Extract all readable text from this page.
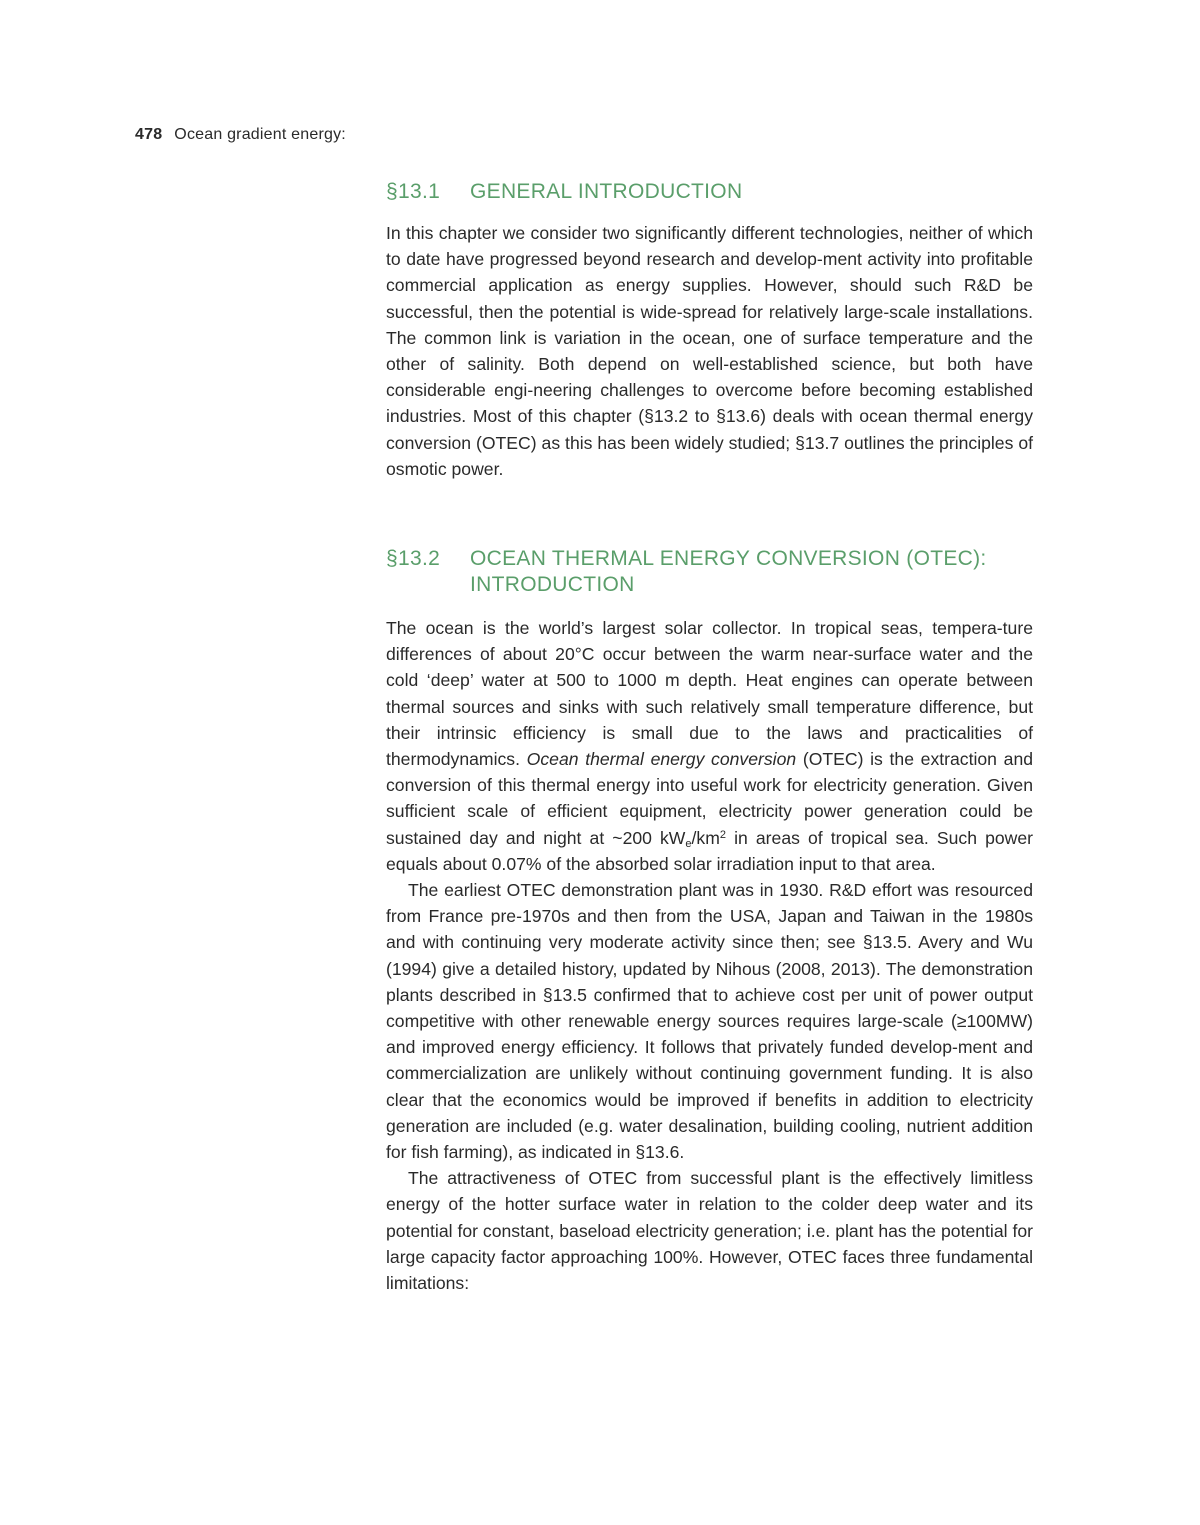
478 Ocean gradient energy:
§13.1	GENERAL INTRODUCTION

In this chapter we consider two significantly different technologies, neither of which to date have progressed beyond research and develop-ment activity into profitable commercial application as energy supplies. However, should such R&D be successful, then the potential is wide-spread for relatively large-scale installations. The common link is variation in the ocean, one of surface temperature and the other of salinity. Both depend on well-established science, but both have considerable engi-neering challenges to overcome before becoming established industries. Most of this chapter (§13.2 to §13.6) deals with ocean thermal energy conversion (OTEC) as this has been widely studied; §13.7 outlines the principles of osmotic power.

§13.2	OCEAN THERMAL ENERGY CONVERSION (OTEC): INTRODUCTION

The ocean is the world’s largest solar collector. In tropical seas, tempera-ture differences of about 20°C occur between the warm near-surface water and the cold ‘deep’ water at 500 to 1000 m depth. Heat engines can operate between thermal sources and sinks with such relatively small temperature difference, but their intrinsic efficiency is small due to the laws and practicalities of thermodynamics. Ocean thermal energy conversion (OTEC) is the extraction and conversion of this thermal energy into useful work for electricity generation. Given sufficient scale of efficient equipment, electricity power generation could be sustained day and night at ~200 $kW_e/km^2$ in areas of tropical sea. Such power equals about 0.07% of the absorbed solar irradiation input to that area.

The earliest OTEC demonstration plant was in 1930. R&D effort was resourced from France pre-1970s and then from the USA, Japan and Taiwan in the 1980s and with continuing very moderate activity since then; see §13.5. Avery and Wu (1994) give a detailed history, updated by Nihous (2008, 2013). The demonstration plants described in §13.5 confirmed that to achieve cost per unit of power output competitive with other renewable energy sources requires large-scale (≥100MW) and improved energy efficiency. It follows that privately funded develop-ment and commercialization are unlikely without continuing government funding. It is also clear that the economics would be improved if benefits in addition to electricity generation are included (e.g. water desalination, building cooling, nutrient addition for fish farming), as indicated in §13.6.

The attractiveness of OTEC from successful plant is the effectively limitless energy of the hotter surface water in relation to the colder deep water and its potential for constant, baseload electricity generation; i.e. plant has the potential for large capacity factor approaching 100%. However, OTEC faces three fundamental limitations:
